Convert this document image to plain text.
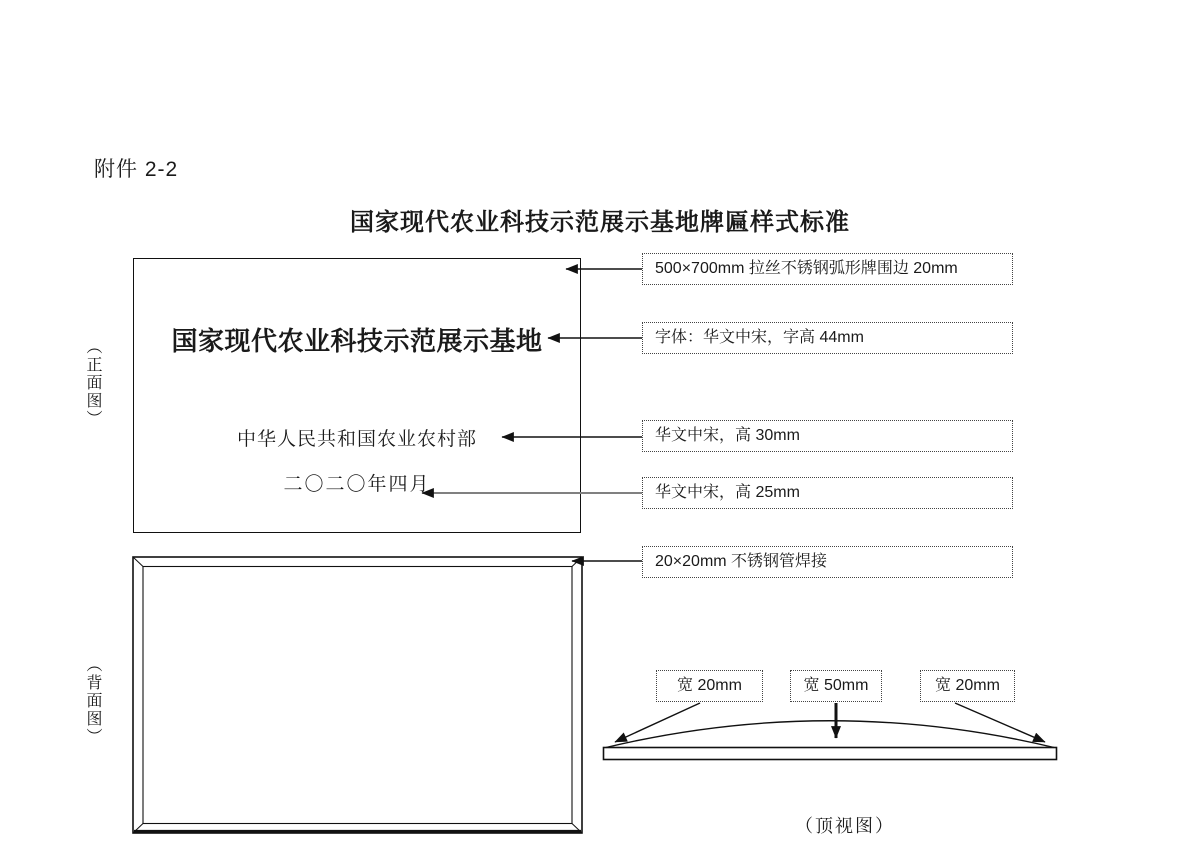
附件 2-2
国家现代农业科技示范展示基地牌匾样式标准
（正面图）
（背面图）
国家现代农业科技示范展示基地
中华人民共和国农业农村部
二〇二〇年四月
500×700mm 拉丝不锈钢弧形牌围边 20mm
字体：华文中宋，字高 44mm
华文中宋，高 30mm
华文中宋，高 25mm
20×20mm 不锈钢管焊接
宽 20mm	宽 50mm	宽 20mm
（顶视图）
